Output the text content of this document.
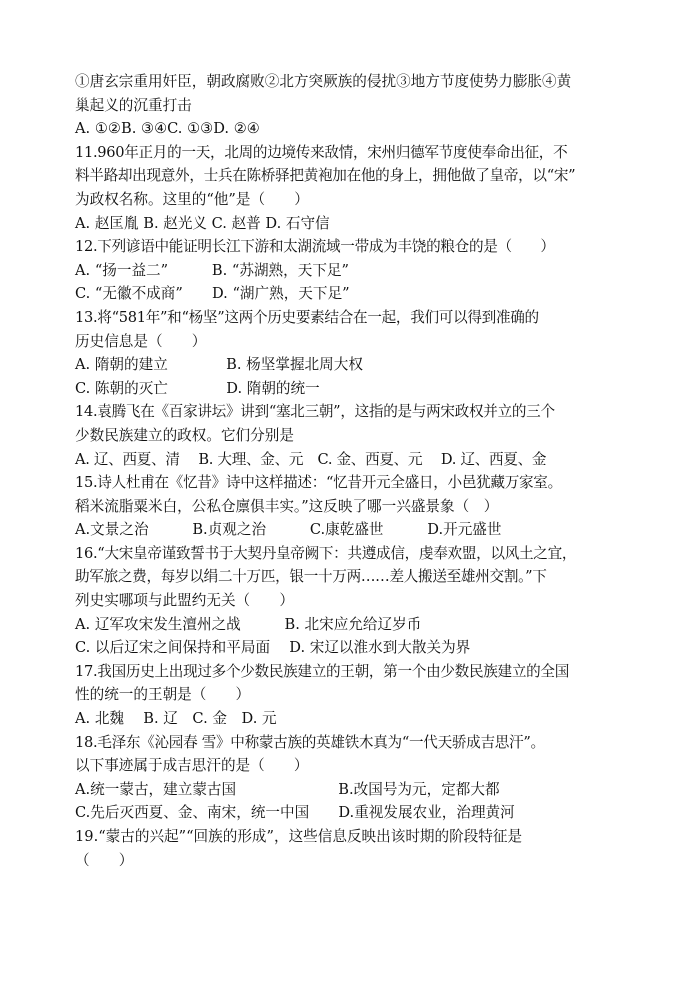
①唐玄宗重用奸臣，朝政腐败②北方突厥族的侵扰③地方节度使势力膨胀④黄
巢起义的沉重打击
A. ①②B. ③④C. ①③D. ②④
11.960年正月的一天，北周的边境传来敌情，宋州归德军节度使奉命出征，不
料半路却出现意外，士兵在陈桥驿把黄袍加在他的身上，拥他做了皇帝，以“宋”
为政权名称。这里的“他”是（　　）
A. 赵匡胤 B. 赵光义 C. 赵普 D. 石守信
12.下列谚语中能证明长江下游和太湖流域一带成为丰饶的粮仓的是（　　）
A. “扬一益二”　　　B. “苏湖熟，天下足”
C. “无徽不成商”　　D. “湖广熟，天下足”
13.将“581年”和“杨坚”这两个历史要素结合在一起，我们可以得到准确的
历史信息是（　　）
A. 隋朝的建立　　　　B. 杨坚掌握北周大权
C. 陈朝的灭亡　　　　D. 隋朝的统一
14.袁腾飞在《百家讲坛》讲到“塞北三朝”，这指的是与两宋政权并立的三个
少数民族建立的政权。它们分别是
A. 辽、西夏、清　 B. 大理、金、元　C. 金、西夏、元　 D. 辽、西夏、金
15.诗人杜甫在《忆昔》诗中这样描述：“忆昔开元全盛日，小邑犹藏万家室。
稻米流脂粟米白，公私仓廪俱丰实。”这反映了哪一兴盛景象（　）
A.文景之治　　　B.贞观之治　　　C.康乾盛世　　　D.开元盛世
16.“大宋皇帝谨致誓书于大契丹皇帝阙下：共遵成信，虔奉欢盟，以风土之宜，
助军旅之费，每岁以绢二十万匹，银一十万两……差人搬送至雄州交割。”下
列史实哪项与此盟约无关（　　）
A. 辽军攻宋发生澶州之战　　　B. 北宋应允给辽岁币
C. 以后辽宋之间保持和平局面　 D. 宋辽以淮水到大散关为界
17.我国历史上出现过多个少数民族建立的王朝，第一个由少数民族建立的全国
性的统一的王朝是（　　）
A. 北魏　 B. 辽　C. 金　D. 元
18.毛泽东《沁园春 雪》中称蒙古族的英雄铁木真为“一代天骄成吉思汗”。
以下事迹属于成吉思汗的是（　　）
A.统一蒙古，建立蒙古国　　　　　　　B.改国号为元，定都大都
C.先后灭西夏、金、南宋，统一中国　　D.重视发展农业，治理黄河
19.“蒙古的兴起”“回族的形成”，这些信息反映出该时期的阶段特征是
（　　）
